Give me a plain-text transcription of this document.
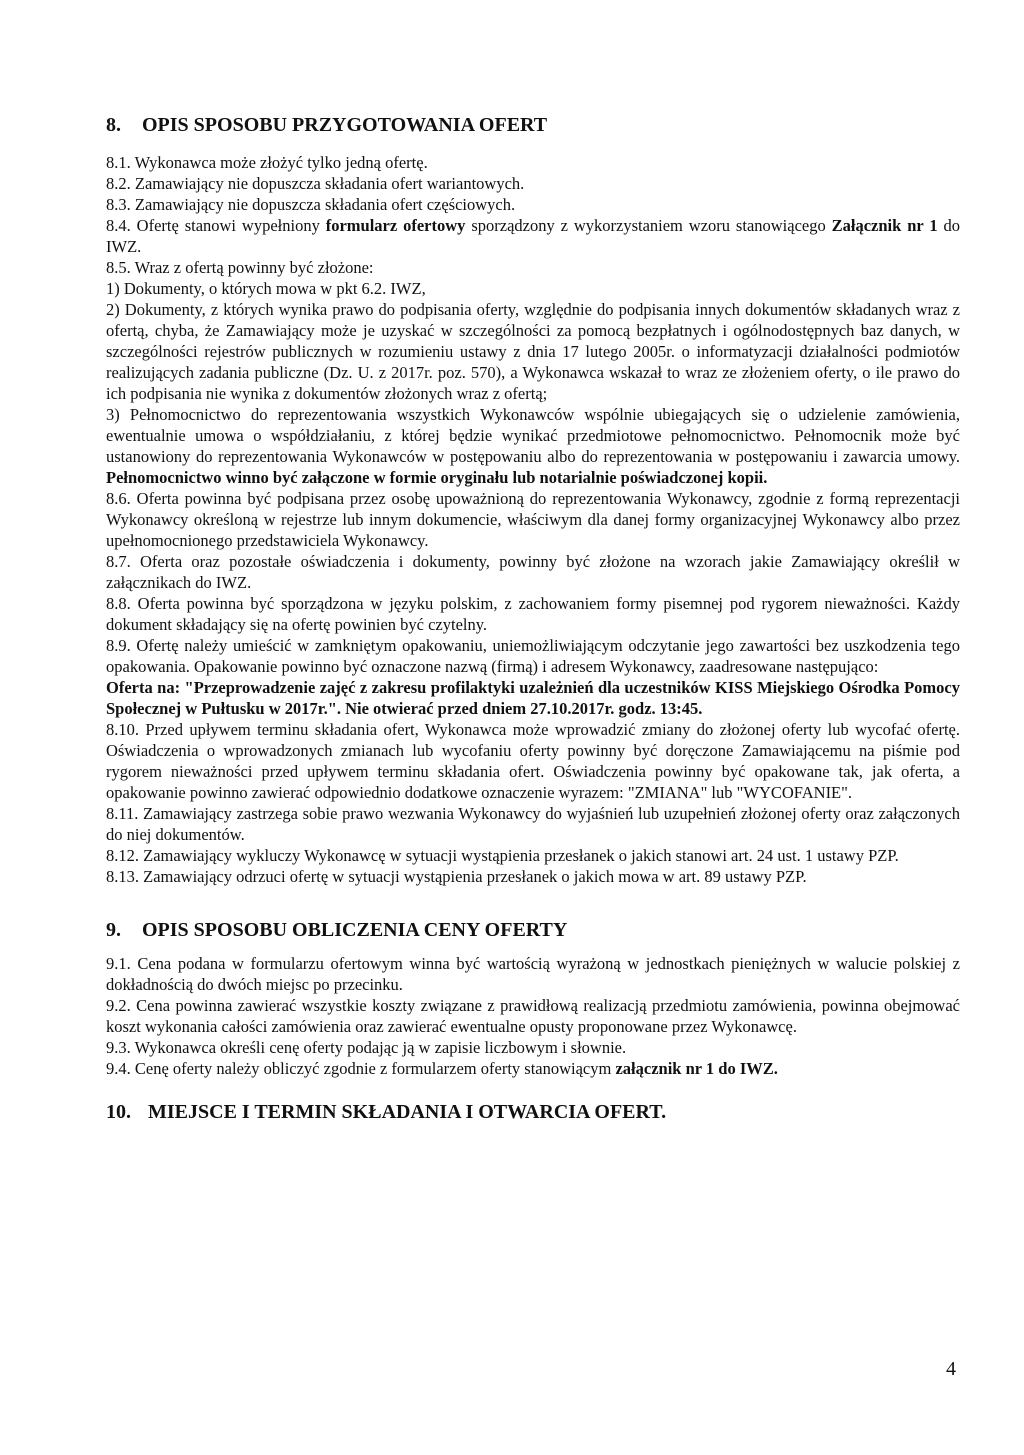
8. OPIS SPOSOBU PRZYGOTOWANIA OFERT

8.1. Wykonawca może złożyć tylko jedną ofertę.

8.2. Zamawiający nie dopuszcza składania ofert wariantowych.

8.3. Zamawiający nie dopuszcza składania ofert częściowych.

8.4. Ofertę stanowi wypełniony formularz ofertowy sporządzony z wykorzystaniem wzoru stanowiącego Załącznik nr 1 do IWZ.

8.5. Wraz z ofertą powinny być złożone:

1) Dokumenty, o których mowa w pkt 6.2. IWZ,

2) Dokumenty, z których wynika prawo do podpisania oferty, względnie do podpisania innych dokumentów składanych wraz z ofertą, chyba, że Zamawiający może je uzyskać w szczególności za pomocą bezpłatnych i ogólnodostępnych baz danych, w szczególności rejestrów publicznych w rozumieniu ustawy z dnia 17 lutego 2005r. o informatyzacji działalności podmiotów realizujących zadania publiczne (Dz. U. z 2017r. poz. 570), a Wykonawca wskazał to wraz ze złożeniem oferty, o ile prawo do ich podpisania nie wynika z dokumentów złożonych wraz z ofertą;

3) Pełnomocnictwo do reprezentowania wszystkich Wykonawców wspólnie ubiegających się o udzielenie zamówienia, ewentualnie umowa o współdziałaniu, z której będzie wynikać przedmiotowe pełnomocnictwo. Pełnomocnik może być ustanowiony do reprezentowania Wykonawców w postępowaniu albo do reprezentowania w postępowaniu i zawarcia umowy. Pełnomocnictwo winno być załączone w formie oryginału lub notarialnie poświadczonej kopii.

8.6. Oferta powinna być podpisana przez osobę upoważnioną do reprezentowania Wykonawcy, zgodnie z formą reprezentacji Wykonawcy określoną w rejestrze lub innym dokumencie, właściwym dla danej formy organizacyjnej Wykonawcy albo przez upełnomocnionego przedstawiciela Wykonawcy.

8.7. Oferta oraz pozostałe oświadczenia i dokumenty, powinny być złożone na wzorach jakie Zamawiający określił w załącznikach do IWZ.

8.8. Oferta powinna być sporządzona w języku polskim, z zachowaniem formy pisemnej pod rygorem nieważności. Każdy dokument składający się na ofertę powinien być czytelny.

8.9. Ofertę należy umieścić w zamkniętym opakowaniu, uniemożliwiającym odczytanie jego zawartości bez uszkodzenia tego opakowania. Opakowanie powinno być oznaczone nazwą (firmą) i adresem Wykonawcy, zaadresowane następująco:

Oferta na: "Przeprowadzenie zajęć z zakresu profilaktyki uzależnień dla uczestników KISS Miejskiego Ośrodka Pomocy Społecznej w Pułtusku w 2017r.". Nie otwierać przed dniem 27.10.2017r. godz. 13:45.

8.10. Przed upływem terminu składania ofert, Wykonawca może wprowadzić zmiany do złożonej oferty lub wycofać ofertę. Oświadczenia o wprowadzonych zmianach lub wycofaniu oferty powinny być doręczone Zamawiającemu na piśmie pod rygorem nieważności przed upływem terminu składania ofert. Oświadczenia powinny być opakowane tak, jak oferta, a opakowanie powinno zawierać odpowiednio dodatkowe oznaczenie wyrazem: "ZMIANA" lub "WYCOFANIE".

8.11. Zamawiający zastrzega sobie prawo wezwania Wykonawcy do wyjaśnień lub uzupełnień złożonej oferty oraz załączonych do niej dokumentów.

8.12. Zamawiający wykluczy Wykonawcę w sytuacji wystąpienia przesłanek o jakich stanowi art. 24 ust. 1 ustawy PZP.

8.13. Zamawiający odrzuci ofertę w sytuacji wystąpienia przesłanek o jakich mowa w art. 89 ustawy PZP.

9. OPIS SPOSOBU OBLICZENIA CENY OFERTY

9.1. Cena podana w formularzu ofertowym winna być wartością wyrażoną w jednostkach pieniężnych w walucie polskiej z dokładnością do dwóch miejsc po przecinku.

9.2. Cena powinna zawierać wszystkie koszty związane z prawidłową realizacją przedmiotu zamówienia, powinna obejmować koszt wykonania całości zamówienia oraz zawierać ewentualne opusty proponowane przez Wykonawcę.

9.3. Wykonawca określi cenę oferty podając ją w zapisie liczbowym i słownie.

9.4. Cenę oferty należy obliczyć zgodnie z formularzem oferty stanowiącym załącznik nr 1 do IWZ.

10. MIEJSCE I TERMIN SKŁADANIA I OTWARCIA OFERT.
4
